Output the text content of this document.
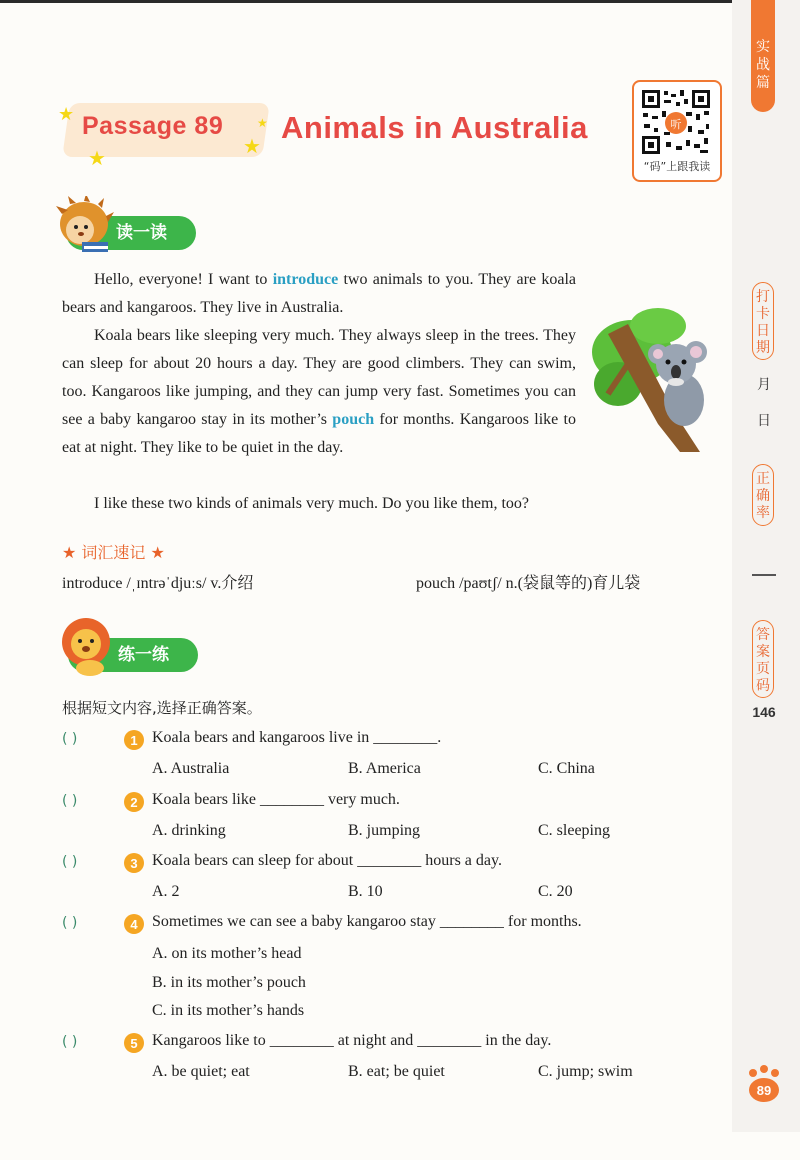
实战篇
打卡日期
月
日
正确率
答案页码
146
89
★
★	★
★
Passage 89 Animals in Australia	听
“码”上跟我读
读一读
Hello, everyone! I want to introduce two animals to you. They are koala bears and kangaroos. They live in Australia.
Koala bears like sleeping very much. They always sleep in the trees. They can sleep for about 20 hours a day. They are good climbers. They can swim, too. Kangaroos like jumping, and they can jump very fast. Sometimes you can see a baby kangaroo stay in its mother’s pouch for months. Kangaroos like to eat at night. They like to be quiet in the day.
I like these two kinds of animals very much. Do you like them, too?
★ 词汇速记 ★
introduce /ˌɪntrəˈdjuːs/ v.介绍	pouch /paʊtʃ/ n.(袋鼠等的)育儿袋
练一练
根据短文内容,选择正确答案。
( )	1 Koala bears and kangaroos live in ________.
A. Australia	B. America	C. China
( )	2 Koala bears like ________ very much.
A. drinking	B. jumping	C. sleeping
( )	3 Koala bears can sleep for about ________ hours a day.
A. 2	B. 10	C. 20
( )	4 Sometimes we can see a baby kangaroo stay ________ for months.
A. on its mother’s head
B. in its mother’s pouch
C. in its mother’s hands
( )	5 Kangaroos like to ________ at night and ________ in the day.
A. be quiet; eat	B. eat; be quiet	C. jump; swim
